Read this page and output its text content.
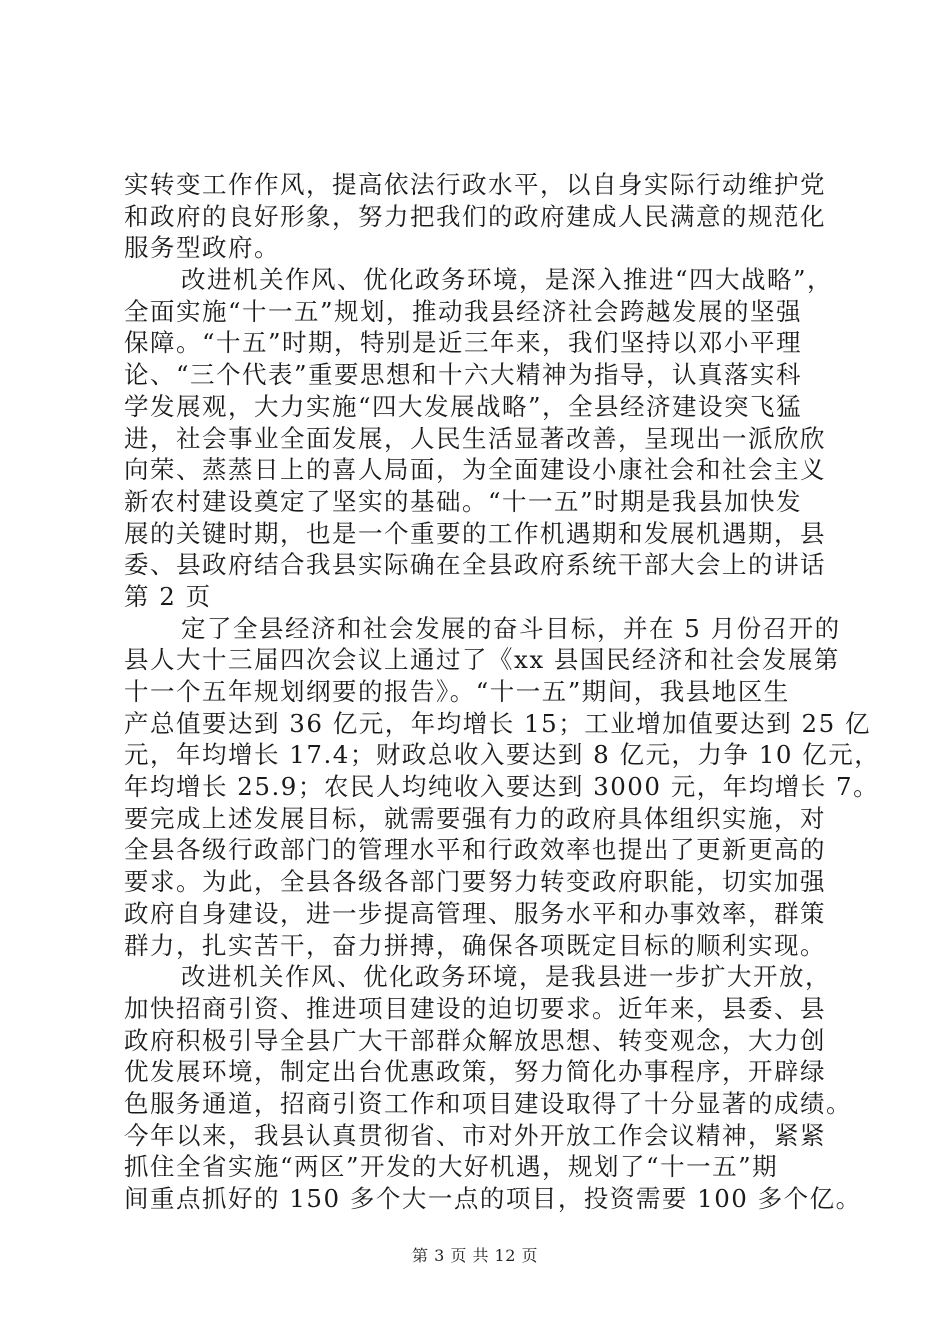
实转变工作作风，提高依法行政水平，以自身实际行动维护党
和政府的良好形象，努力把我们的政府建成人民满意的规范化
服务型政府。
改进机关作风、优化政务环境，是深入推进“四大战略”，
全面实施“十一五”规划，推动我县经济社会跨越发展的坚强
保障。“十五”时期，特别是近三年来，我们坚持以邓小平理
论、“三个代表”重要思想和十六大精神为指导，认真落实科
学发展观，大力实施“四大发展战略”，全县经济建设突飞猛
进，社会事业全面发展，人民生活显著改善，呈现出一派欣欣
向荣、蒸蒸日上的喜人局面，为全面建设小康社会和社会主义
新农村建设奠定了坚实的基础。“十一五”时期是我县加快发
展的关键时期，也是一个重要的工作机遇期和发展机遇期，县
委、县政府结合我县实际确在全县政府系统干部大会上的讲话
第 2 页
定了全县经济和社会发展的奋斗目标，并在 5 月份召开的
县人大十三届四次会议上通过了《xx 县国民经济和社会发展第
十一个五年规划纲要的报告》。“十一五”期间，我县地区生
产总值要达到 36 亿元，年均增长 15；工业增加值要达到 25 亿
元，年均增长 17.4；财政总收入要达到 8 亿元，力争 10 亿元，
年均增长 25.9；农民人均纯收入要达到 3000 元，年均增长 7。
要完成上述发展目标，就需要强有力的政府具体组织实施，对
全县各级行政部门的管理水平和行政效率也提出了更新更高的
要求。为此，全县各级各部门要努力转变政府职能，切实加强
政府自身建设，进一步提高管理、服务水平和办事效率，群策
群力，扎实苦干，奋力拼搏，确保各项既定目标的顺利实现。
改进机关作风、优化政务环境，是我县进一步扩大开放，
加快招商引资、推进项目建设的迫切要求。近年来，县委、县
政府积极引导全县广大干部群众解放思想、转变观念，大力创
优发展环境，制定出台优惠政策，努力简化办事程序，开辟绿
色服务通道，招商引资工作和项目建设取得了十分显著的成绩。
今年以来，我县认真贯彻省、市对外开放工作会议精神，紧紧
抓住全省实施“两区”开发的大好机遇，规划了“十一五”期
间重点抓好的 150 多个大一点的项目，投资需要 100 多个亿。
第 3 页 共 12 页
